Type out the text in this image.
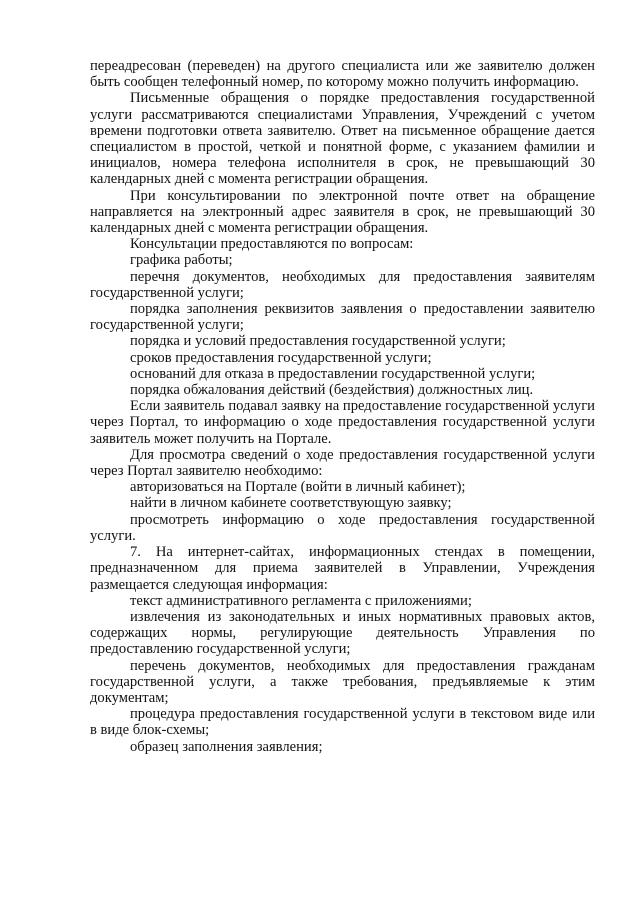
переадресован (переведен) на другого специалиста или же заявителю должен быть сообщен телефонный номер, по которому можно получить информацию.

Письменные обращения о порядке предоставления государственной услуги рассматриваются специалистами Управления, Учреждений с учетом времени подготовки ответа заявителю. Ответ на письменное обращение дается специалистом в простой, четкой и понятной форме, с указанием фамилии и инициалов, номера телефона исполнителя в срок, не превышающий 30 календарных дней с момента регистрации обращения.

При консультировании по электронной почте ответ на обращение направляется на электронный адрес заявителя в срок, не превышающий 30 календарных дней с момента регистрации обращения.

Консультации предоставляются по вопросам:

графика работы;

перечня документов, необходимых для предоставления заявителям государственной услуги;

порядка заполнения реквизитов заявления о предоставлении заявителю государственной услуги;

порядка и условий предоставления государственной услуги;

сроков предоставления государственной услуги;

оснований для отказа в предоставлении государственной услуги;

порядка обжалования действий (бездействия) должностных лиц.

Если заявитель подавал заявку на предоставление государственной услуги через Портал, то информацию о ходе предоставления государственной услуги заявитель может получить на Портале.

Для просмотра сведений о ходе предоставления государственной услуги через Портал заявителю необходимо:

авторизоваться на Портале (войти в личный кабинет);

найти в личном кабинете соответствующую заявку;

просмотреть информацию о ходе предоставления государственной услуги.

7. На интернет-сайтах, информационных стендах в помещении, предназначенном для приема заявителей в Управлении, Учреждения размещается следующая информация:

текст административного регламента с приложениями;

извлечения из законодательных и иных нормативных правовых актов, содержащих нормы, регулирующие деятельность Управления по предоставлению государственной услуги;

перечень документов, необходимых для предоставления гражданам государственной услуги, а также требования, предъявляемые к этим документам;

процедура предоставления государственной услуги в текстовом виде или в виде блок-схемы;

образец заполнения заявления;
